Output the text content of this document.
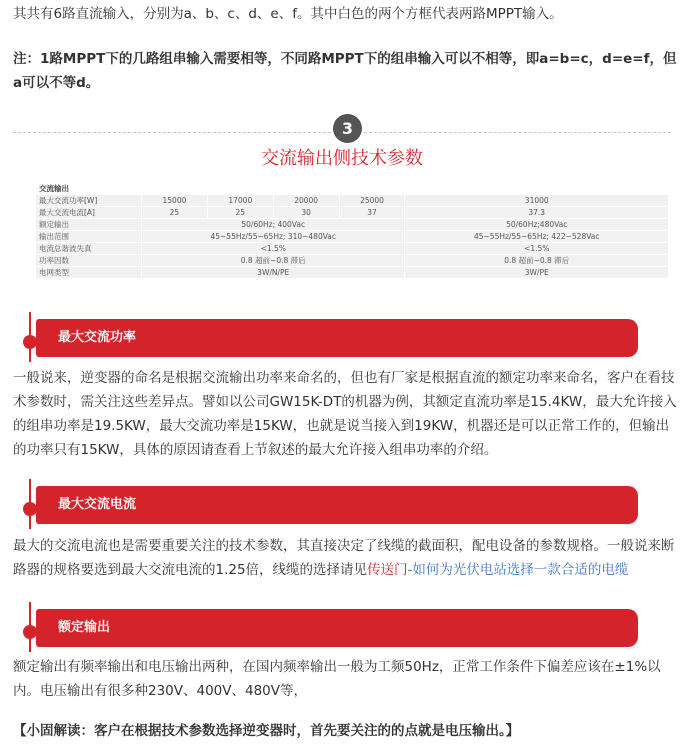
其共有6路直流输入，分别为a、b、c、d、e、f。其中白色的两个方框代表两路MPPT输入。
注：1路MPPT下的几路组串输入需要相等，不同路MPPT下的组串输入可以不相等，即a=b=c，d=e=f，但a可以不等d。
3
交流输出侧技术参数
交流输出					
最大交流功率[W]	15000	17000	20000	25000	31000
最大交流电流[A]	25	25	30	37	37.3
额定输出	50/60Hz; 400Vac				50/60Hz;480Vac
输出范围	45~55Hz/55~65Hz; 310~480Vac				45~55Hz/55~65Hz; 422~528Vac
电流总谐波失真	<1.5%				<1.5%
功率因数	0.8 超前~0.8 滞后				0.8 超前~0.8 滞后
电网类型	3W/N/PE				3W/PE
最大交流功率
一般说来，逆变器的命名是根据交流输出功率来命名的，但也有厂家是根据直流的额定功率来命名，客户在看技术参数时，需关注这些差异点。譬如以公司GW15K-DT的机器为例，其额定直流功率是15.4KW，最大允许接入的组串功率是19.5KW，最大交流功率是15KW，也就是说当接入到19KW，机器还是可以正常工作的，但输出的功率只有15KW，具体的原因请查看上节叙述的最大允许接入组串功率的介绍。
最大交流电流
最大的交流电流也是需要重要关注的技术参数，其直接决定了线缆的截面积，配电设备的参数规格。一般说来断路器的规格要选到最大交流电流的1.25倍，线缆的选择请见传送门-如何为光伏电站选择一款合适的电缆
额定输出
额定输出有频率输出和电压输出两种，在国内频率输出一般为工频50Hz，正常工作条件下偏差应该在±1%以内。电压输出有很多种230V、400V、480V等，
【小固解读：客户在根据技术参数选择逆变器时，首先要关注的的点就是电压输出。】
